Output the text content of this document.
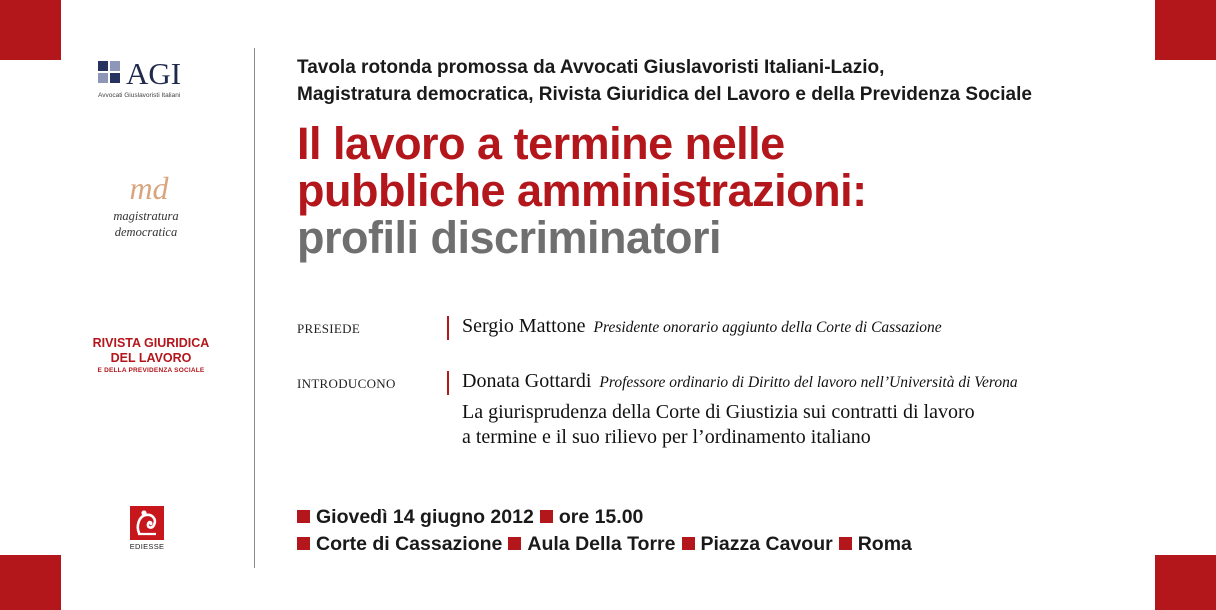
AGI
Avvocati Giuslavoristi Italiani
md
magistratura
democratica
RIVISTA GIURIDICA
DEL LAVORO
E DELLA PREVIDENZA SOCIALE
EDIESSE
Tavola rotonda promossa da Avvocati Giuslavoristi Italiani-Lazio,
Magistratura democratica, Rivista Giuridica del Lavoro e della Previdenza Sociale
Il lavoro a termine nelle
pubbliche amministrazioni:
profili discriminatori
PRESIEDE	Sergio Mattone Presidente onorario aggiunto della Corte di Cassazione
INTRODUCONO	Donata Gottardi Professore ordinario di Diritto del lavoro nell’Università di Verona
La giurisprudenza della Corte di Giustizia sui contratti di lavoro
a termine e il suo rilievo per l’ordinamento italiano
Giovedì 14 giugno 2012 ore 15.00
Corte di Cassazione Aula Della Torre Piazza Cavour Roma
